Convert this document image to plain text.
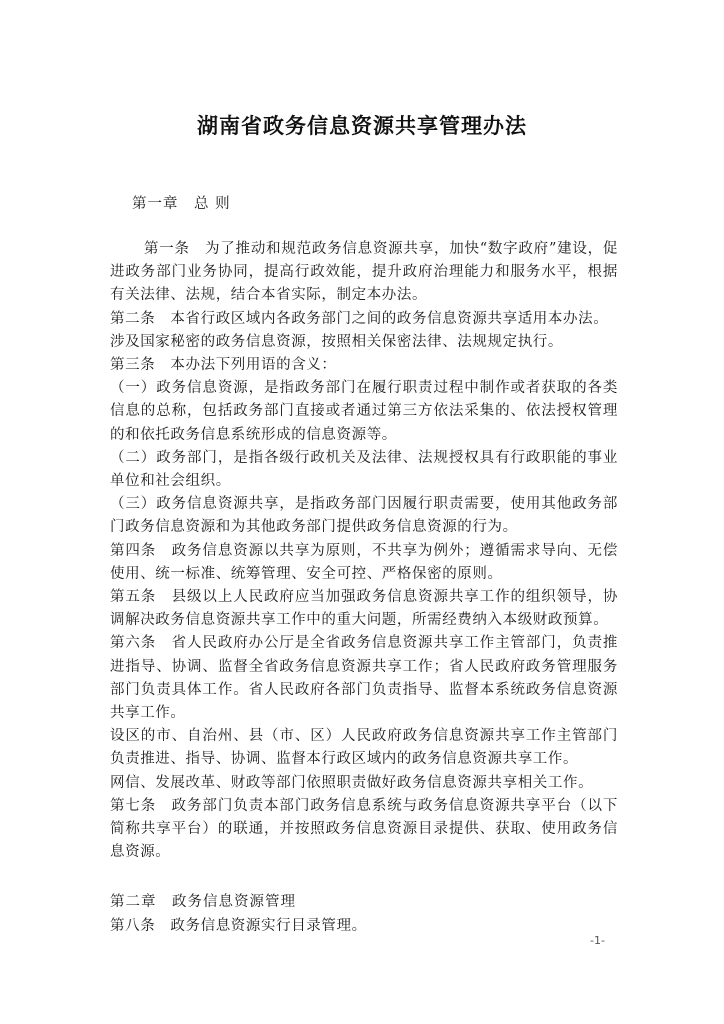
湖南省政务信息资源共享管理办法
第一章　总 则

第一条　为了推动和规范政务信息资源共享，加快“数字政府”建设，促进政务部门业务协同，提高行政效能，提升政府治理能力和服务水平，根据有关法律、法规，结合本省实际，制定本办法。

第二条　本省行政区域内各政务部门之间的政务信息资源共享适用本办法。

涉及国家秘密的政务信息资源，按照相关保密法律、法规规定执行。

第三条　本办法下列用语的含义：

（一）政务信息资源，是指政务部门在履行职责过程中制作或者获取的各类信息的总称，包括政务部门直接或者通过第三方依法采集的、依法授权管理的和依托政务信息系统形成的信息资源等。

（二）政务部门，是指各级行政机关及法律、法规授权具有行政职能的事业单位和社会组织。

（三）政务信息资源共享，是指政务部门因履行职责需要，使用其他政务部门政务信息资源和为其他政务部门提供政务信息资源的行为。

第四条　政务信息资源以共享为原则，不共享为例外；遵循需求导向、无偿使用、统一标准、统筹管理、安全可控、严格保密的原则。

第五条　县级以上人民政府应当加强政务信息资源共享工作的组织领导，协调解决政务信息资源共享工作中的重大问题，所需经费纳入本级财政预算。

第六条　省人民政府办公厅是全省政务信息资源共享工作主管部门，负责推进指导、协调、监督全省政务信息资源共享工作；省人民政府政务管理服务部门负责具体工作。省人民政府各部门负责指导、监督本系统政务信息资源共享工作。

设区的市、自治州、县（市、区）人民政府政务信息资源共享工作主管部门负责推进、指导、协调、监督本行政区域内的政务信息资源共享工作。

网信、发展改革、财政等部门依照职责做好政务信息资源共享相关工作。

第七条　政务部门负责本部门政务信息系统与政务信息资源共享平台（以下简称共享平台）的联通，并按照政务信息资源目录提供、获取、使用政务信息资源。

第二章　政务信息资源管理
第八条　政务信息资源实行目录管理。
-1-
